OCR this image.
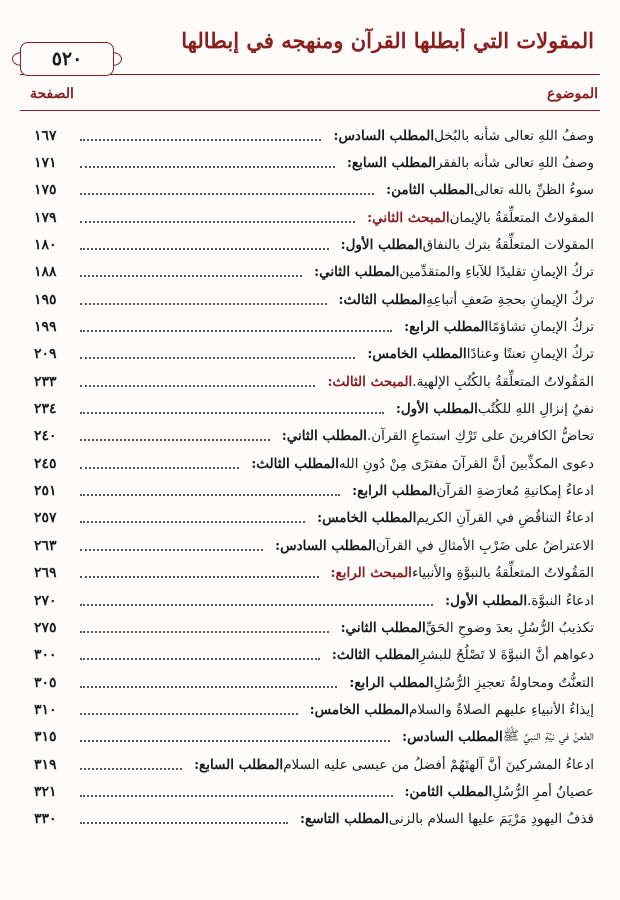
المقولات التي أبطلها القرآن ومنهجه في إبطالها
٥٢٠
الموضوع
الصفحة
١٦٧	المطلب السادس: وصفُ اللهِ تعالى شأنه بالبُخل
١٧١	المطلب السابع: وصفُ اللهِ تعالى شأنه بالفقر
١٧٥	المطلب الثامن: سوءُ الظنِّ بالله تعالى
١٧٩	المبحث الثاني: المقولاتُ المتعلِّقةُ بالإيمان
١٨٠	المطلب الأول: المقولات المتعلِّقةُ بترك بالنفاق
١٨٨	المطلب الثاني: تركُ الإيمانِ تقليدًا للآباءِ والمتقدِّمين
١٩٥	المطلب الثالث: تركُ الإيمانِ بحجةِ ضَعفِ أتباعِهِ
١٩٩	المطلب الرابع: تركُ الإيمانِ تشاؤمًا
٢٠٩	المطلب الخامس: تركُ الإيمانِ تعنتًا وعنادًا
٢٣٣	المبحث الثالث: المَقُولاتُ المتعلِّقةُ بالكُتُبِ الإلهية.
٢٣٤	المطلب الأول: نفيُ إنزالِ اللهِ للكُتُب
٢٤٠	المطلب الثاني: تحاضُّ الكافرينَ على تَرْكِ استماعِ القرآن.
٢٤٥	المطلب الثالث: دعوى المكذِّبينَ أنَّ القرآنَ مفترًى مِنْ دُونِ الله
٢٥١	المطلب الرابع: ادعاءُ إمكانيةِ مُعارَضةِ القرآن
٢٥٧	المطلب الخامس: ادعاءُ التناقُضِ في القرآنِ الكريم
٢٦٣	المطلب السادس: الاعتراضُ على ضَرْبِ الأمثالِ في القرآن
٢٦٩	المبحث الرابع: المَقُولاتُ المتعلِّقةُ بالنبوَّةِ والأنبياء
٢٧٠	المطلب الأول: ادعاءُ النبوَّة.
٢٧٥	المطلب الثاني: تكذيبُ الرُّسُلِ بعدَ وضوحِ الحَقِّ
٣٠٠	المطلب الثالث: دعواهم أنَّ النبوَّةَ لا تَصْلُحُ للبشرِ
٣٠٥	المطلب الرابع: التعنُّتُ ومحاولةُ تعجيزِ الرُّسُلِ
٣١٠	المطلب الخامس: إيذاءُ الأنبياءِ عليهم الصلاةُ والسلام
٣١٥	المطلب السادس: الطعنُ في نيَّةِ النبيِّ ﷺ
٣١٩	المطلب السابع: ادعاءُ المشركينَ أنَّ آلهتَهُمْ أفضلُ من عيسى عليه السلام
٣٢١	المطلب الثامن: عصيانُ أمرِ الرُّسُلِ
٣٣٠	المطلب التاسع: قذفُ اليهودِ مَرْيَمَ عليها السلام بالزنى
